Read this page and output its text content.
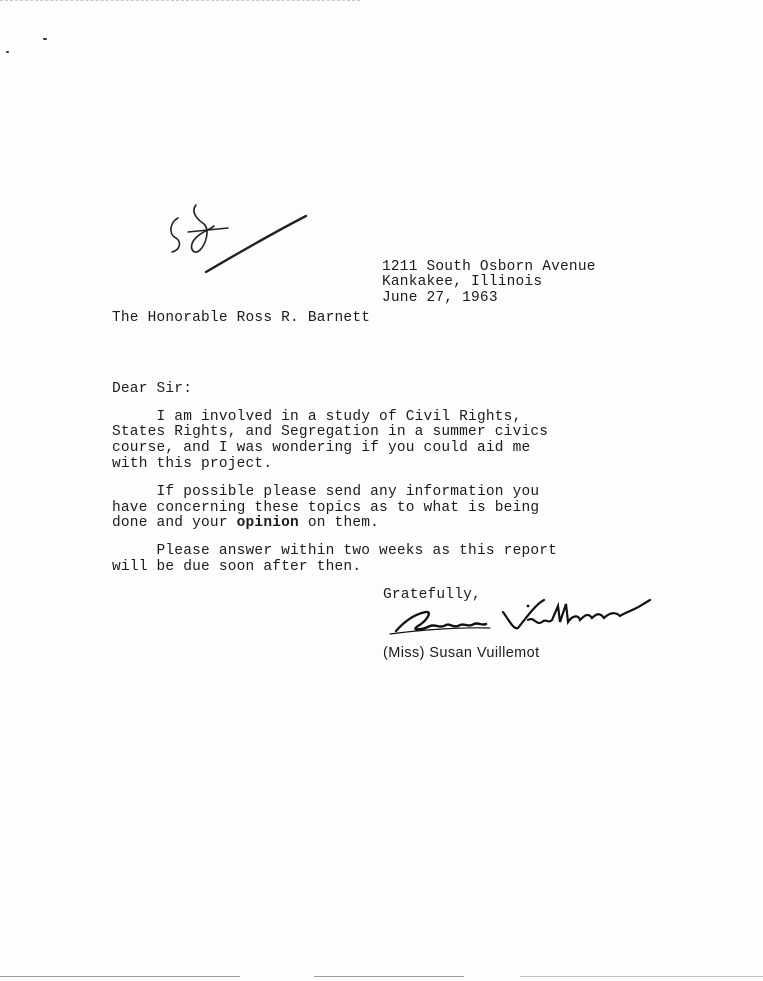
1211 South Osborn Avenue
Kankakee, Illinois
June 27, 1963
The Honorable Ross R. Barnett
Dear Sir:
I am involved in a study of Civil Rights,
States Rights, and Segregation in a summer civics
course, and I was wondering if you could aid me
with this project.
If possible please send any information you
have concerning these topics as to what is being
done and your opinion on them.
Please answer within two weeks as this report
will be due soon after then.
Gratefully,
(Miss) Susan Vuillemot
